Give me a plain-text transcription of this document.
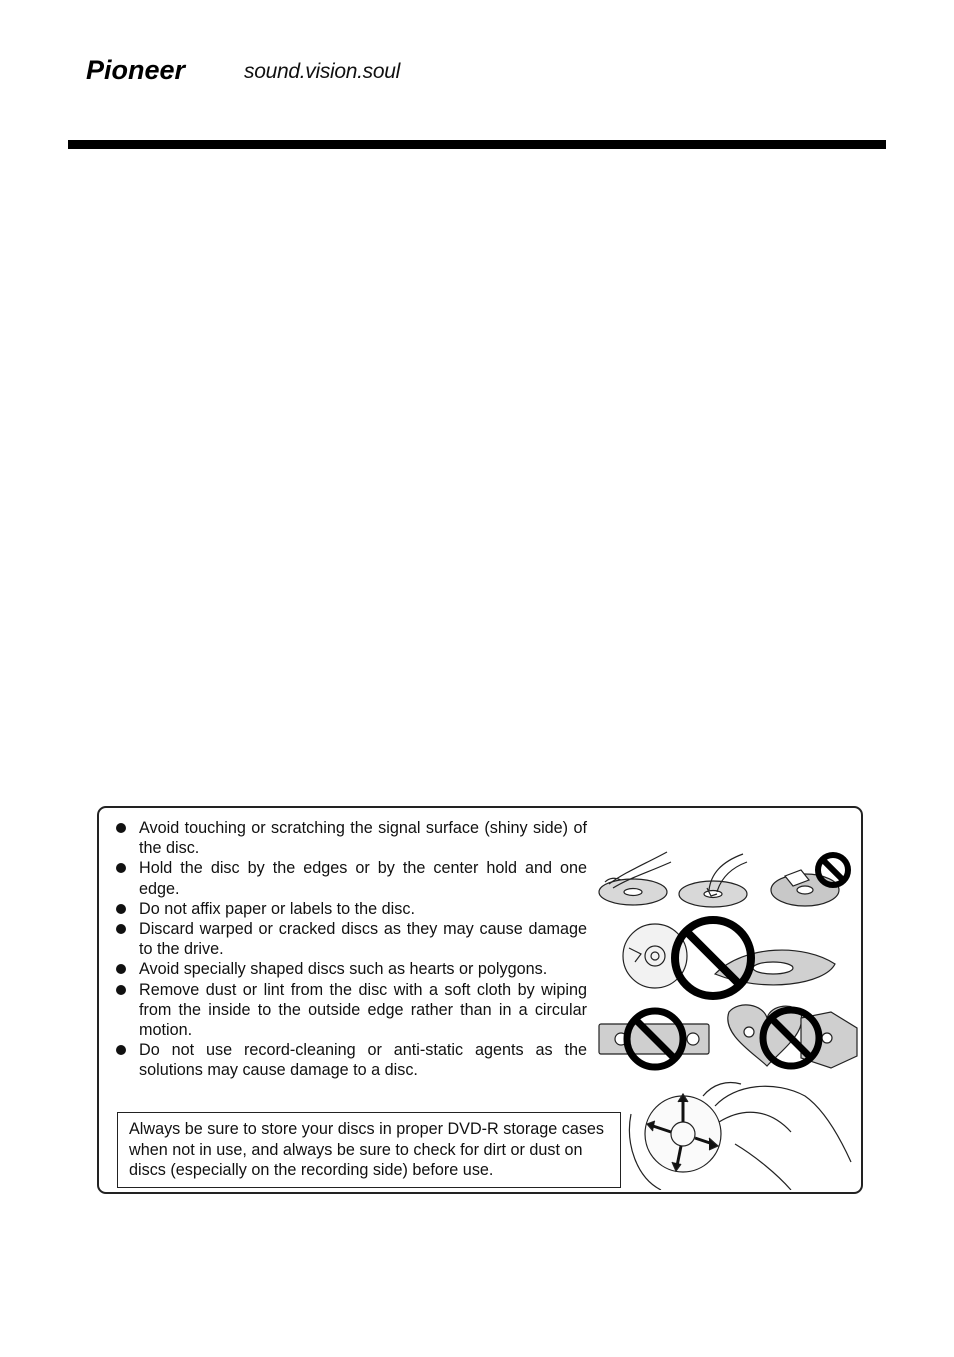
Pioneer	sound.vision.soul
Avoid touching or scratching the signal surface (shiny side) of the disc.
Hold the disc by the edges or by the center hold and one edge.
Do not affix paper or labels to the disc.
Discard warped or cracked discs as they may cause damage to the drive.
Avoid specially shaped discs such as hearts or polygons.
Remove dust or lint from the disc with a soft cloth by wiping from the inside to the outside edge rather than in a circular motion.
Do not use record-cleaning or anti-static agents as the solutions may cause damage to a disc.
Always be sure to store your discs in proper DVD-R storage cases when not in use, and always be sure to check for dirt or dust on discs (especially on the recording side) before use.
